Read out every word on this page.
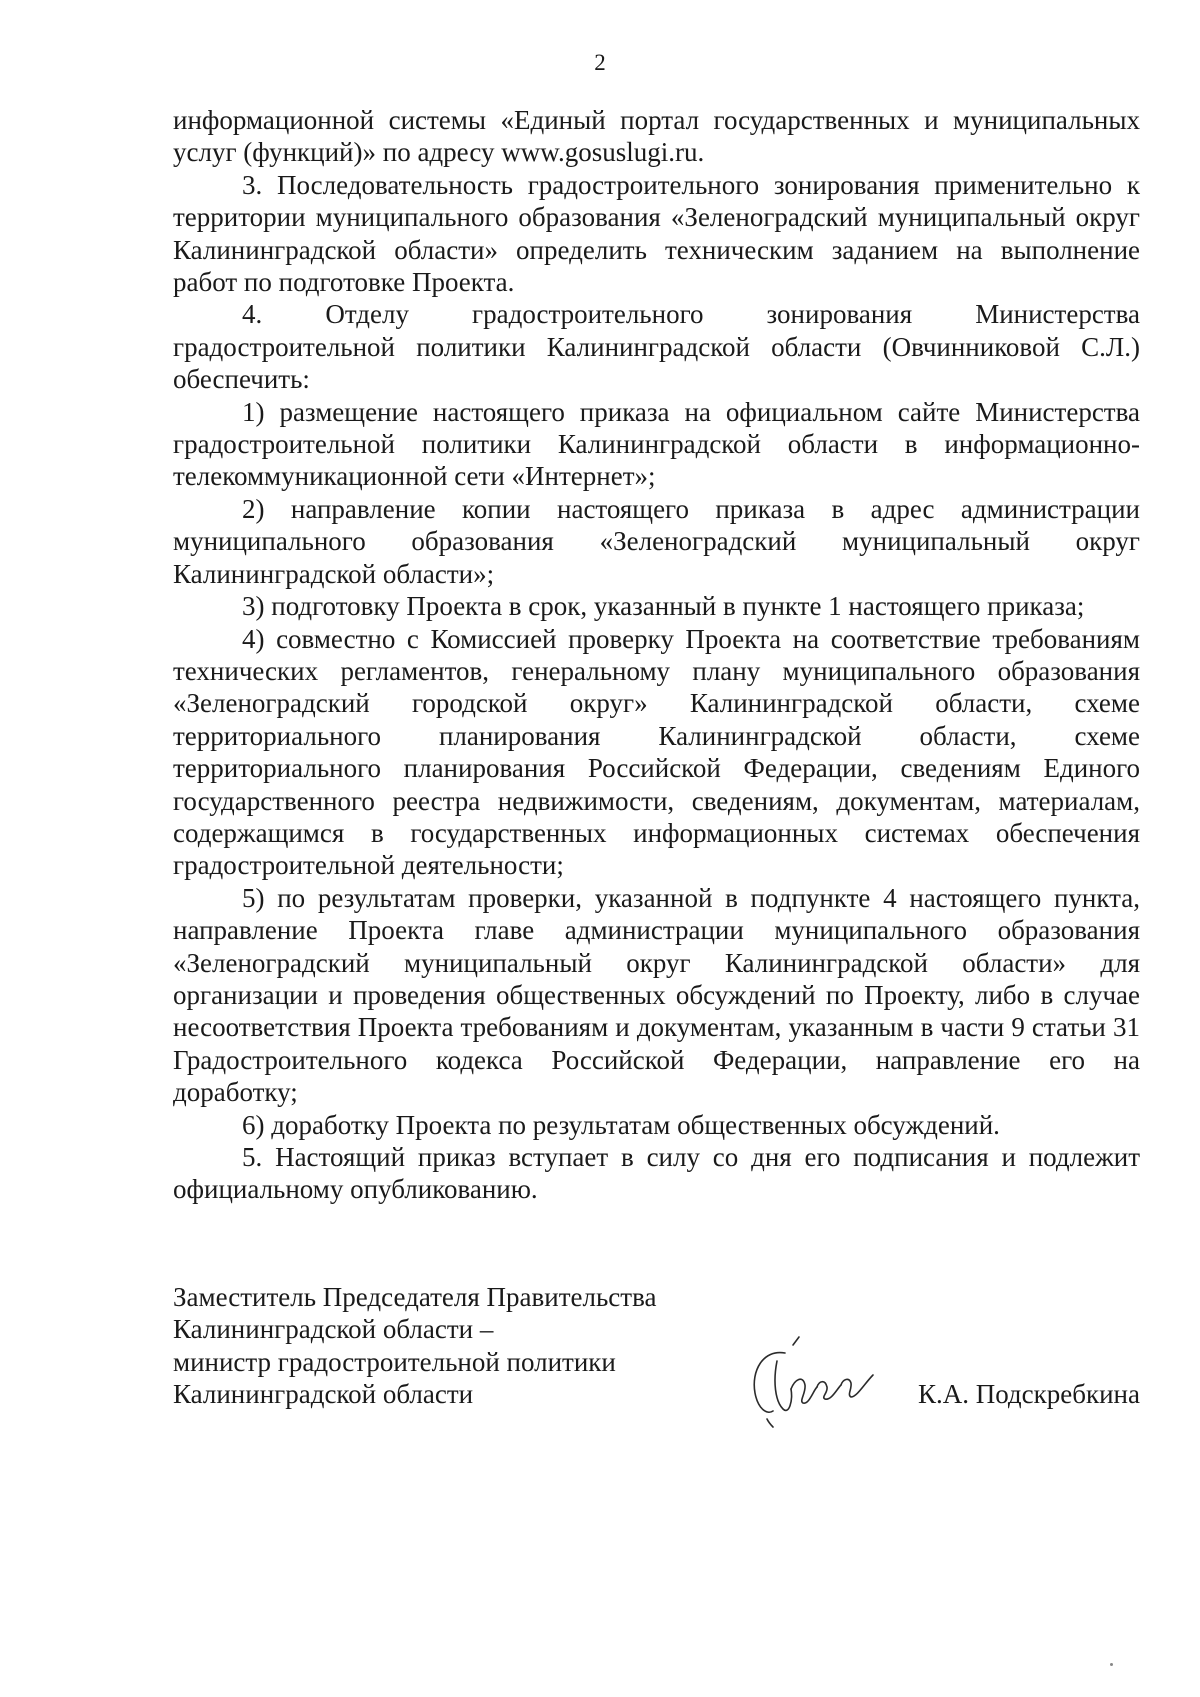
2

информационной системы «Единый портал государственных и муниципальных услуг (функций)» по адресу www.gosuslugi.ru.

3. Последовательность градостроительного зонирования применительно к территории муниципального образования «Зеленоградский муниципальный округ Калининградской области» определить техническим заданием на выполнение работ по подготовке Проекта.

4. Отделу градостроительного зонирования Министерства градостроительной политики Калининградской области (Овчинниковой С.Л.) обеспечить:

1) размещение настоящего приказа на официальном сайте Министерства градостроительной политики Калининградской области в информационно-телекоммуникационной сети «Интернет»;

2) направление копии настоящего приказа в адрес администрации муниципального образования «Зеленоградский муниципальный округ Калининградской области»;

3) подготовку Проекта в срок, указанный в пункте 1 настоящего приказа;

4) совместно с Комиссией проверку Проекта на соответствие требованиям технических регламентов, генеральному плану муниципального образования «Зеленоградский городской округ» Калининградской области, схеме территориального планирования Калининградской области, схеме территориального планирования Российской Федерации, сведениям Единого государственного реестра недвижимости, сведениям, документам, материалам, содержащимся в государственных информационных системах обеспечения градостроительной деятельности;

5) по результатам проверки, указанной в подпункте 4 настоящего пункта, направление Проекта главе администрации муниципального образования «Зеленоградский муниципальный округ Калининградской области» для организации и проведения общественных обсуждений по Проекту, либо в случае несоответствия Проекта требованиям и документам, указанным в части 9 статьи 31 Градостроительного кодекса Российской Федерации, направление его на доработку;

6) доработку Проекта по результатам общественных обсуждений.

5. Настоящий приказ вступает в силу со дня его подписания и подлежит официальному опубликованию.

Заместитель Председателя Правительства
Калининградской области –
министр градостроительной политики
Калининградской области	К.А. Подскребкина
